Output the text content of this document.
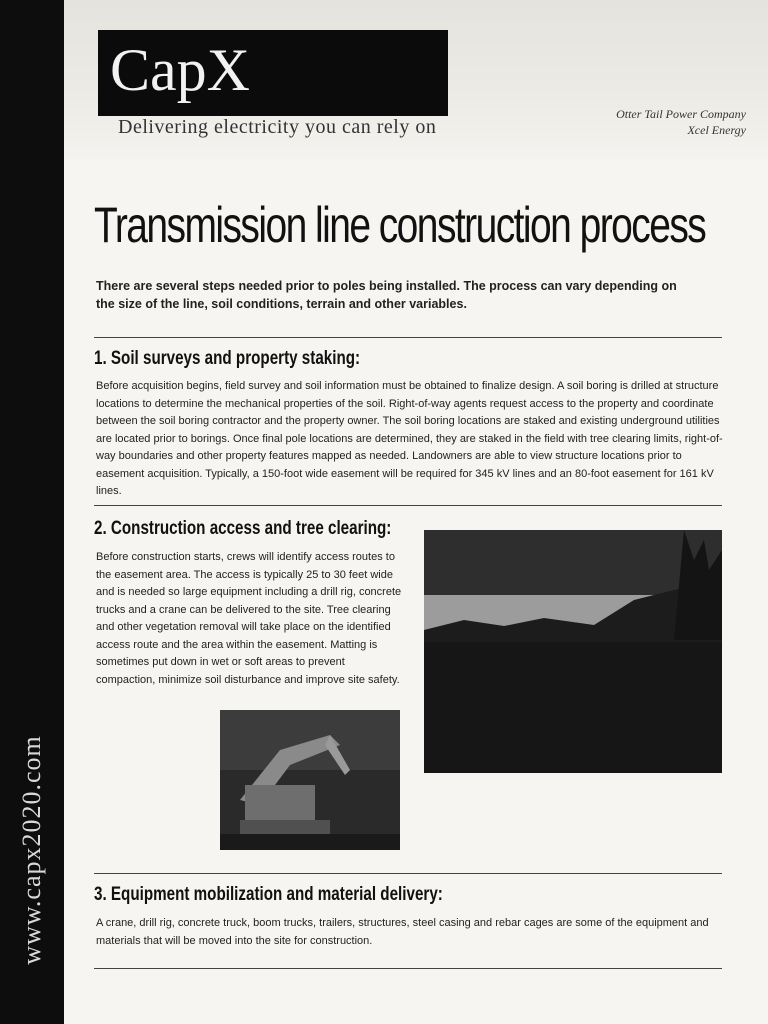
www.capx2020.com
CapX
Delivering electricity you can rely on
Otter Tail Power Company
Xcel Energy
Transmission line construction process
There are several steps needed prior to poles being installed. The process can vary depending on the size of the line, soil conditions, terrain and other variables.
1. Soil surveys and property staking:
Before acquisition begins, field survey and soil information must be obtained to finalize design. A soil boring is drilled at structure locations to determine the mechanical properties of the soil. Right-of-way agents request access to the property and coordinate between the soil boring contractor and the property owner. The soil boring locations are staked and existing underground utilities are located prior to borings. Once final pole locations are determined, they are staked in the field with tree clearing limits, right-of-way boundaries and other property features mapped as needed. Landowners are able to view structure locations prior to easement acquisition. Typically, a 150-foot wide easement will be required for 345 kV lines and an 80-foot easement for 161 kV lines.
2. Construction access and tree clearing:
Before construction starts, crews will identify access routes to the easement area. The access is typically 25 to 30 feet wide and is needed so large equipment including a drill rig, concrete trucks and a crane can be delivered to the site. Tree clearing and other vegetation removal will take place on the identified access route and the area within the easement. Matting is sometimes put down in wet or soft areas to prevent compaction, minimize soil disturbance and improve site safety.
3. Equipment mobilization and material delivery:
A crane, drill rig, concrete truck, boom trucks, trailers, structures, steel casing and rebar cages are some of the equipment and materials that will be moved into the site for construction.
